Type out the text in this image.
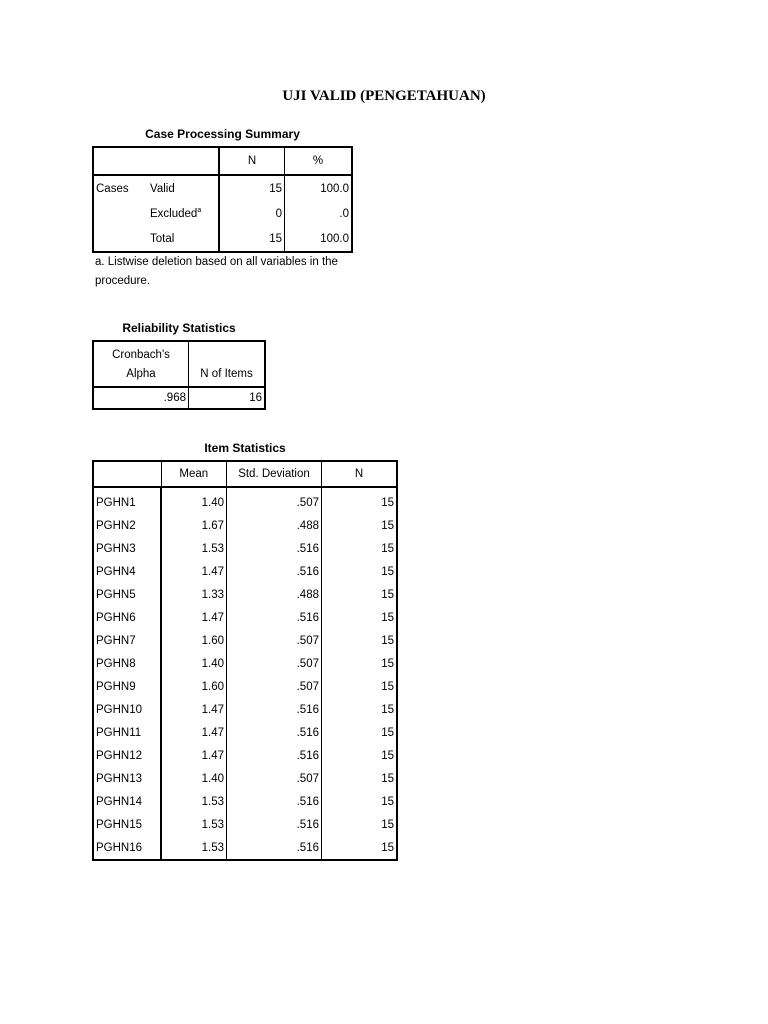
UJI VALID (PENGETAHUAN)
Case Processing Summary
		N	%
Cases	Valid	15	100.0
	Excluded$^a$	0	.0
	Total	15	100.0
a. Listwise deletion based on all variables in the procedure.
Reliability Statistics
Cronbach's
Alpha	N of Items
.968	16
Item Statistics
	Mean	Std. Deviation	N
PGHN1	1.40	.507	15
PGHN2	1.67	.488	15
PGHN3	1.53	.516	15
PGHN4	1.47	.516	15
PGHN5	1.33	.488	15
PGHN6	1.47	.516	15
PGHN7	1.60	.507	15
PGHN8	1.40	.507	15
PGHN9	1.60	.507	15
PGHN10	1.47	.516	15
PGHN11	1.47	.516	15
PGHN12	1.47	.516	15
PGHN13	1.40	.507	15
PGHN14	1.53	.516	15
PGHN15	1.53	.516	15
PGHN16	1.53	.516	15
